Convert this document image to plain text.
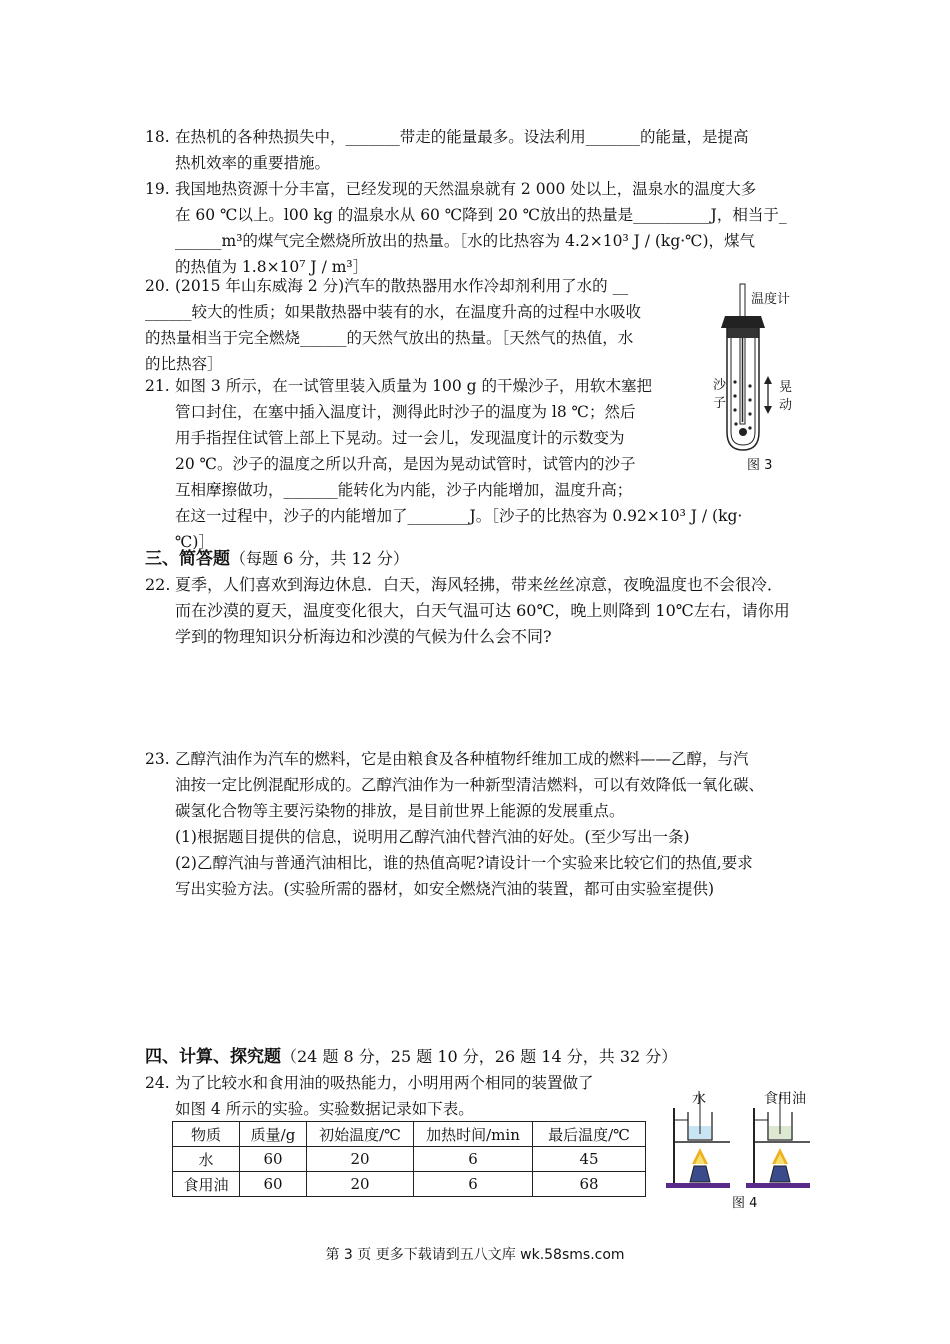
18. 在热机的各种热损失中，_______带走的能量最多。设法利用_______的能量，是提高
热机效率的重要措施。
19. 我国地热资源十分丰富，已经发现的天然温泉就有 2 000 处以上，温泉水的温度大多
在 60 ℃以上。l00 kg 的温泉水从 60 ℃降到 20 ℃放出的热量是__________J，相当于_
______m³的煤气完全燃烧所放出的热量。［水的比热容为 4.2×10³ J / (kg·℃)，煤气
的热值为 1.8×10⁷ J / m³］
20. (2015 年山东威海 2 分)汽车的散热器用水作冷却剂利用了水的 __
______较大的性质；如果散热器中装有的水，在温度升高的过程中水吸收
的热量相当于完全燃烧______的天然气放出的热量。［天然气的热值，水
的比热容］
21. 如图 3 所示，在一试管里装入质量为 100 g 的干燥沙子，用软木塞把
管口封住，在塞中插入温度计，测得此时沙子的温度为 l8 ℃；然后
用手指捏住试管上部上下晃动。过一会儿，发现温度计的示数变为
20 ℃。沙子的温度之所以升高，是因为晃动试管时，试管内的沙子
互相摩擦做功，_______能转化为内能，沙子内能增加，温度升高；
在这一过程中，沙子的内能增加了________J。［沙子的比热容为 0.92×10³ J / (kg·
℃)］
温度计
沙
子
晃
动
图 3
三、简答题（每题 6 分，共 12 分）
22. 夏季，人们喜欢到海边休息．白天，海风轻拂，带来丝丝凉意，夜晚温度也不会很冷．
而在沙漠的夏天，温度变化很大，白天气温可达 60℃，晚上则降到 10℃左右，请你用
学到的物理知识分析海边和沙漠的气候为什么会不同?
23. 乙醇汽油作为汽车的燃料，它是由粮食及各种植物纤维加工成的燃料——乙醇，与汽
油按一定比例混配形成的。乙醇汽油作为一种新型清洁燃料，可以有效降低一氧化碳、
碳氢化合物等主要污染物的排放，是目前世界上能源的发展重点。
(1)根据题目提供的信息，说明用乙醇汽油代替汽油的好处。(至少写出一条)
(2)乙醇汽油与普通汽油相比，谁的热值高呢?请设计一个实验来比较它们的热值,要求
写出实验方法。(实验所需的器材，如安全燃烧汽油的装置，都可由实验室提供)
四、计算、探究题（24 题 8 分，25 题 10 分，26 题 14 分，共 32 分）
24. 为了比较水和食用油的吸热能力，小明用两个相同的装置做了
如图 4 所示的实验。实验数据记录如下表。
物质	质量/g	初始温度/℃	加热时间/min	最后温度/℃
水	60	20	6	45
食用油	60	20	6	68
水	食用油
图 4
第 3 页 更多下载请到五八文库 wk.58sms.com
